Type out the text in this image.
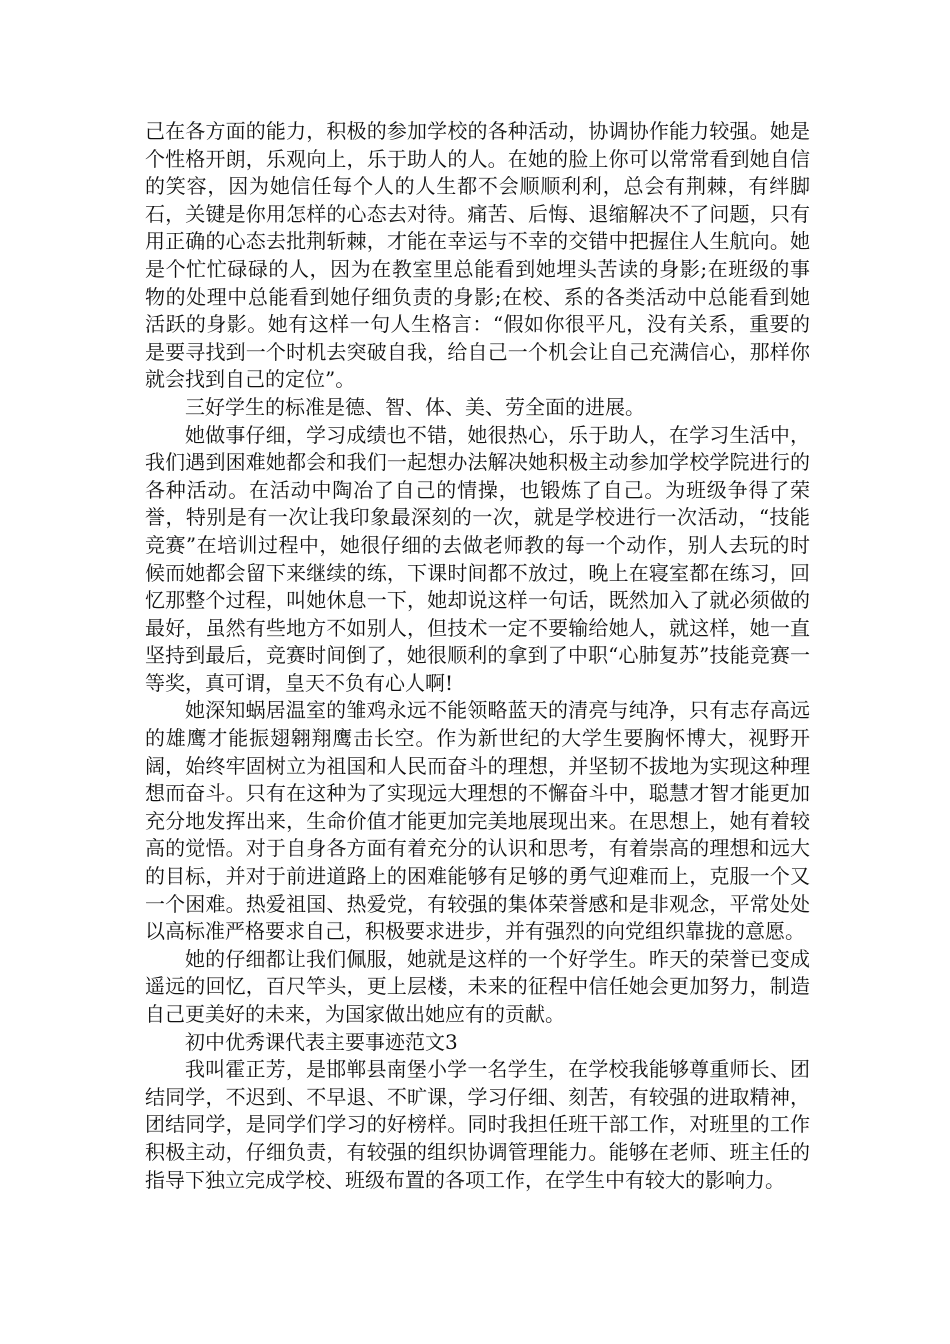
己在各方面的能力，积极的参加学校的各种活动，协调协作能力较强。她是个性格开朗，乐观向上，乐于助人的人。在她的脸上你可以常常看到她自信的笑容，因为她信任每个人的人生都不会顺顺利利，总会有荆棘，有绊脚石，关键是你用怎样的心态去对待。痛苦、后悔、退缩解决不了问题，只有用正确的心态去批荆斩棘，才能在幸运与不幸的交错中把握住人生航向。她是个忙忙碌碌的人，因为在教室里总能看到她埋头苦读的身影;在班级的事物的处理中总能看到她仔细负责的身影;在校、系的各类活动中总能看到她活跃的身影。她有这样一句人生格言：“假如你很平凡，没有关系，重要的是要寻找到一个时机去突破自我，给自己一个机会让自己充满信心，那样你就会找到自己的定位”。

三好学生的标准是德、智、体、美、劳全面的进展。

她做事仔细，学习成绩也不错，她很热心，乐于助人，在学习生活中，我们遇到困难她都会和我们一起想办法解决她积极主动参加学校学院进行的各种活动。在活动中陶冶了自己的情操，也锻炼了自己。为班级争得了荣誉，特别是有一次让我印象最深刻的一次，就是学校进行一次活动，“技能竞赛”在培训过程中，她很仔细的去做老师教的每一个动作，别人去玩的时候而她都会留下来继续的练，下课时间都不放过，晚上在寝室都在练习，回忆那整个过程，叫她休息一下，她却说这样一句话，既然加入了就必须做的最好，虽然有些地方不如别人，但技术一定不要输给她人，就这样，她一直坚持到最后，竞赛时间倒了，她很顺利的拿到了中职“心肺复苏”技能竞赛一等奖，真可谓，皇天不负有心人啊!

她深知蜗居温室的雏鸡永远不能领略蓝天的清亮与纯净，只有志存高远的雄鹰才能振翅翱翔鹰击长空。作为新世纪的大学生要胸怀博大，视野开阔，始终牢固树立为祖国和人民而奋斗的理想，并坚韧不拔地为实现这种理想而奋斗。只有在这种为了实现远大理想的不懈奋斗中，聪慧才智才能更加充分地发挥出来，生命价值才能更加完美地展现出来。在思想上，她有着较高的觉悟。对于自身各方面有着充分的认识和思考，有着崇高的理想和远大的目标，并对于前进道路上的困难能够有足够的勇气迎难而上，克服一个又一个困难。热爱祖国、热爱党，有较强的集体荣誉感和是非观念，平常处处以高标准严格要求自己，积极要求进步，并有强烈的向党组织靠拢的意愿。

她的仔细都让我们佩服，她就是这样的一个好学生。昨天的荣誉已变成遥远的回忆，百尺竿头，更上层楼，未来的征程中信任她会更加努力，制造自己更美好的未来，为国家做出她应有的贡献。

初中优秀课代表主要事迹范文3

我叫霍正芳，是邯郸县南堡小学一名学生，在学校我能够尊重师长、团结同学，不迟到、不早退、不旷课，学习仔细、刻苦，有较强的进取精神，团结同学，是同学们学习的好榜样。同时我担任班干部工作，对班里的工作积极主动，仔细负责，有较强的组织协调管理能力。能够在老师、班主任的指导下独立完成学校、班级布置的各项工作，在学生中有较大的影响力。
